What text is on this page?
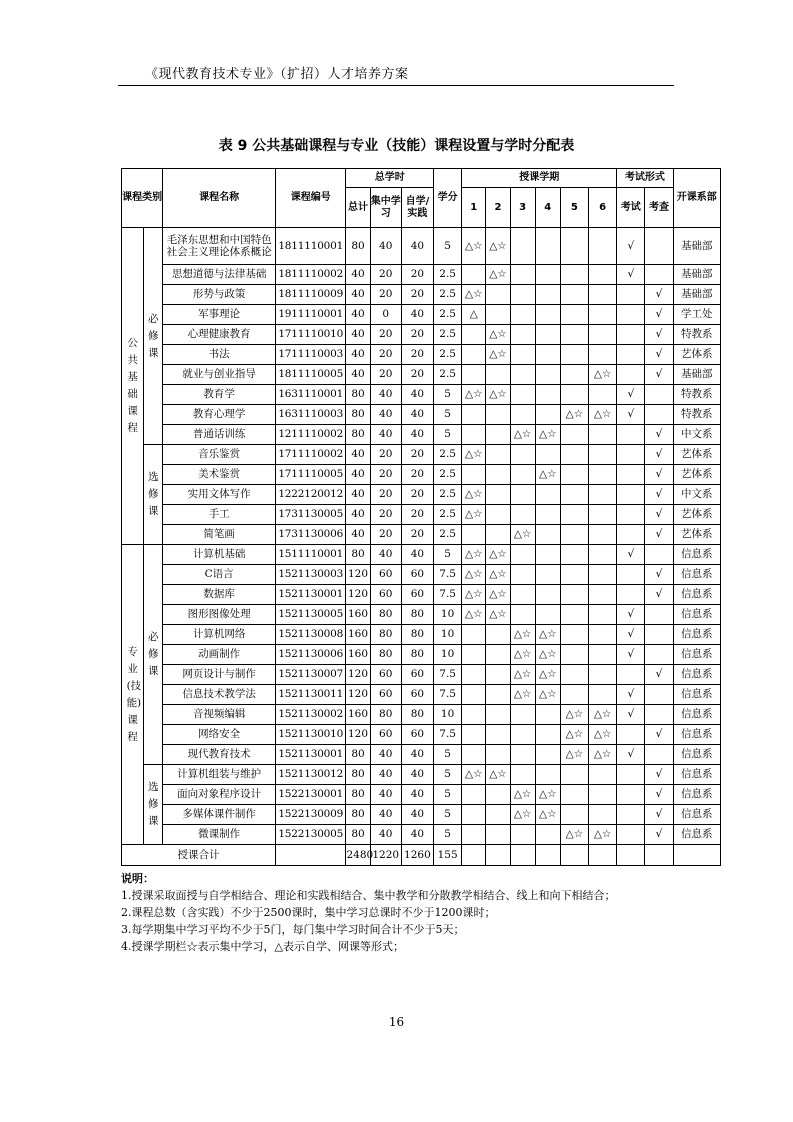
《现代教育技术专业》（扩招）人才培养方案
表 9 公共基础课程与专业（技能）课程设置与学时分配表
课程类别		课程名称	课程编号	总学时			学分	授课学期						考试形式		开课系部
				总计	集中学习	自学/实践		1	2	3	4	5	6	考试	考查	
公共基础课程	必修课	毛泽东思想和中国特色社会主义理论体系概论	1811110001	80	40	40	5	△☆	△☆					√		基础部
		思想道德与法律基础	1811110002	40	20	20	2.5		△☆					√		基础部
		形势与政策	1811110009	40	20	20	2.5	△☆							√	基础部
		军事理论	1911110001	40	0	40	2.5	△							√	学工处
		心理健康教育	1711110010	40	20	20	2.5		△☆						√	特教系
		书法	1711110003	40	20	20	2.5		△☆						√	艺体系
		就业与创业指导	1811110005	40	20	20	2.5						△☆		√	基础部
		教育学	1631110001	80	40	40	5	△☆	△☆					√		特教系
		教育心理学	1631110003	80	40	40	5					△☆	△☆	√		特教系
		普通话训练	1211110002	80	40	40	5			△☆	△☆				√	中文系
	选修课	音乐鉴赏	1711110002	40	20	20	2.5	△☆							√	艺体系
		美术鉴赏	1711110005	40	20	20	2.5				△☆				√	艺体系
		实用文体写作	1222120012	40	20	20	2.5	△☆							√	中文系
		手工	1731130005	40	20	20	2.5	△☆							√	艺体系
		简笔画	1731130006	40	20	20	2.5			△☆					√	艺体系
专业(技能)课程	必修课	计算机基础	1511110001	80	40	40	5	△☆	△☆					√		信息系
		C语言	1521130003	120	60	60	7.5	△☆	△☆						√	信息系
		数据库	1521130001	120	60	60	7.5	△☆	△☆						√	信息系
		图形图像处理	1521130005	160	80	80	10	△☆	△☆					√		信息系
		计算机网络	1521130008	160	80	80	10			△☆	△☆			√		信息系
		动画制作	1521130006	160	80	80	10			△☆	△☆			√		信息系
		网页设计与制作	1521130007	120	60	60	7.5			△☆	△☆				√	信息系
		信息技术教学法	1521130011	120	60	60	7.5			△☆	△☆			√		信息系
		音视频编辑	1521130002	160	80	80	10					△☆	△☆	√		信息系
		网络安全	1521130010	120	60	60	7.5					△☆	△☆		√	信息系
		现代教育技术	1521130001	80	40	40	5					△☆	△☆	√		信息系
	选修课	计算机组装与维护	1521130012	80	40	40	5	△☆	△☆						√	信息系
		面向对象程序设计	1522130001	80	40	40	5			△☆	△☆				√	信息系
		多媒体课件制作	1522130009	80	40	40	5			△☆	△☆				√	信息系
		微课制作	1522130005	80	40	40	5					△☆	△☆		√	信息系
授课合计				2480	1220	1260	155									
说明：
1.授课采取面授与自学相结合、理论和实践相结合、集中教学和分散教学相结合、线上和向下相结合；
2.课程总数（含实践）不少于2500课时，集中学习总课时不少于1200课时；
3.每学期集中学习平均不少于5门，每门集中学习时间合计不少于5天；
4.授课学期栏☆表示集中学习，△表示自学、网课等形式；
16
